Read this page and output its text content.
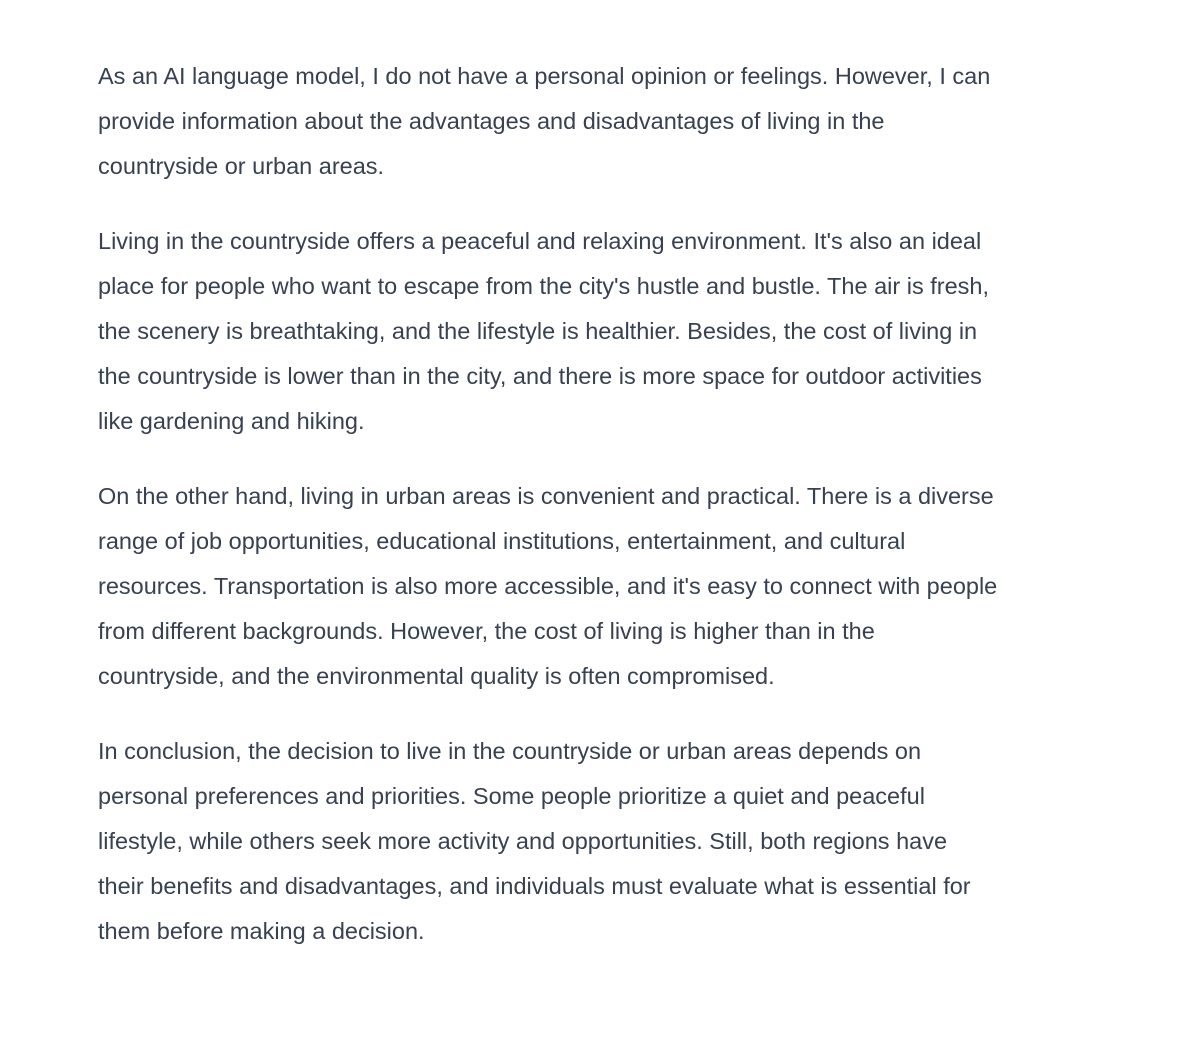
As an AI language model, I do not have a personal opinion or feelings. However, I can provide information about the advantages and disadvantages of living in the countryside or urban areas.

Living in the countryside offers a peaceful and relaxing environment. It's also an ideal place for people who want to escape from the city's hustle and bustle. The air is fresh, the scenery is breathtaking, and the lifestyle is healthier. Besides, the cost of living in the countryside is lower than in the city, and there is more space for outdoor activities like gardening and hiking.

On the other hand, living in urban areas is convenient and practical. There is a diverse range of job opportunities, educational institutions, entertainment, and cultural resources. Transportation is also more accessible, and it's easy to connect with people from different backgrounds. However, the cost of living is higher than in the countryside, and the environmental quality is often compromised.

In conclusion, the decision to live in the countryside or urban areas depends on personal preferences and priorities. Some people prioritize a quiet and peaceful lifestyle, while others seek more activity and opportunities. Still, both regions have their benefits and disadvantages, and individuals must evaluate what is essential for them before making a decision.
